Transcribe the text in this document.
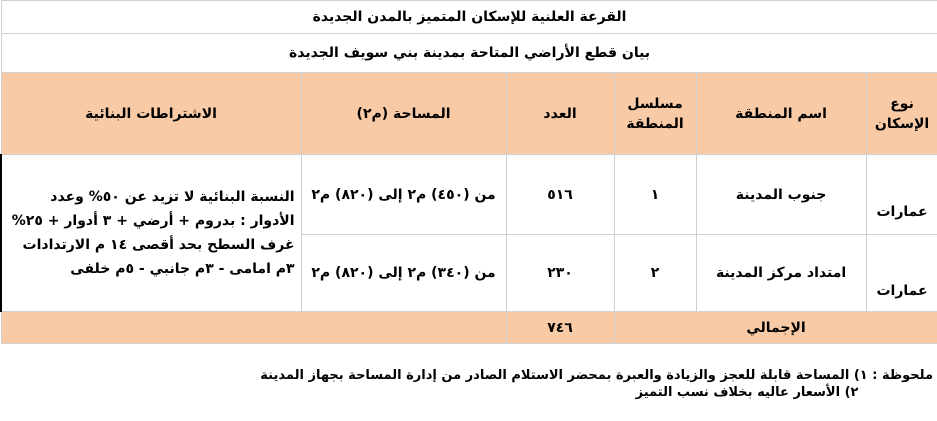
القرعة العلنية للإسكان المتميز بالمدن الجديدة					
بيان قطع الأراضي المتاحة بمدينة بني سويف الجديدة					
نوع الإسكان	اسم المنطقة	مسلسل المنطقة	العدد	المساحة (م٢)	الاشتراطات البنائية
عمارات	جنوب المدينة	١	٥١٦	من (٤٥٠) م٢ إلى (٨٢٠) م٢	النسبة البنائية لا تزيد عن ٥٠% وعدد الأدوار : بدروم + أرضي + ٣ أدوار + ٢٥% غرف السطح بحد أقصى ١٤ م الارتدادات ٣م امامى - ٣م جانبي - ٥م خلفى
عمارات	امتداد مركز المدينة	٢	٢٣٠	من (٣٤٠) م٢ إلى (٨٢٠) م٢	
الإجمالي			٧٤٦		
ملحوظة : ١) المساحة قابلة للعجز والزيادة والعبرة بمحضر الاستلام الصادر من إدارة المساحة بجهاز المدينة
٢) الأسعار عاليه بخلاف نسب التميز
